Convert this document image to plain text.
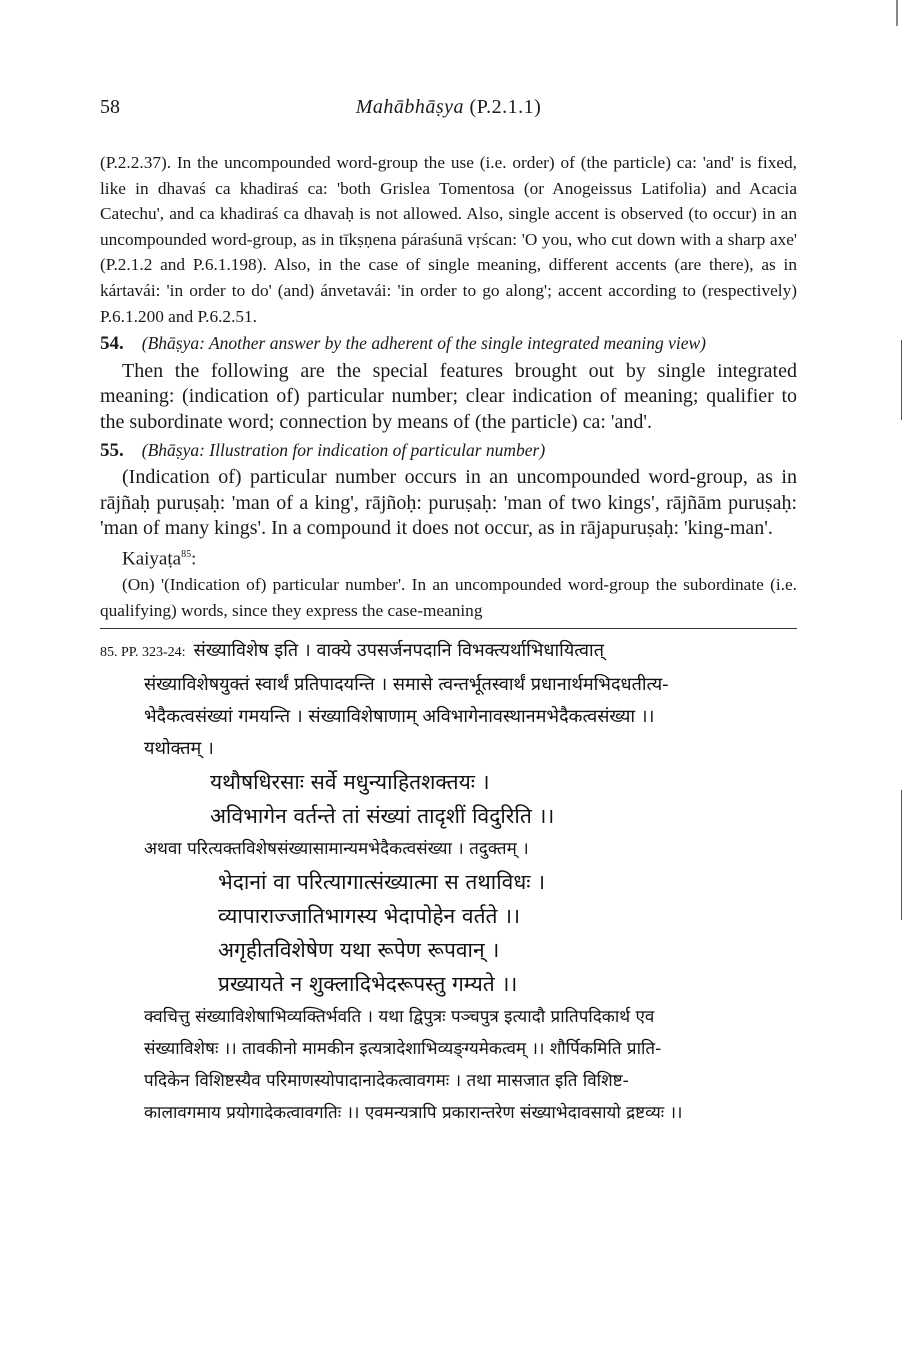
58	Mahābhāṣya (P.2.1.1)

(P.2.2.37). In the uncompounded word-group the use (i.e. order) of (the particle) ca: 'and' is fixed, like in dhavaś ca khadiraś ca: 'both Grislea Tomentosa (or Anogeissus Latifolia) and Acacia Catechu', and ca khadiraś ca dhavaḥ is not allowed. Also, single accent is observed (to occur) in an uncompounded word-group, as in tīkṣṇena páraśunā vṛścan: 'O you, who cut down with a sharp axe' (P.2.1.2 and P.6.1.198). Also, in the case of single meaning, different accents (are there), as in kártavái: 'in order to do' (and) ánvetavái: 'in order to go along'; accent according to (respectively) P.6.1.200 and P.6.2.51.

54. (Bhāṣya: Another answer by the adherent of the single integrated meaning view)

Then the following are the special features brought out by single integrated meaning: (indication of) particular number; clear indication of meaning; qualifier to the subordinate word; connection by means of (the particle) ca: 'and'.

55. (Bhāṣya: Illustration for indication of particular number)

(Indication of) particular number occurs in an uncompounded word-group, as in rājñaḥ puruṣaḥ: 'man of a king', rājñoḥ: puruṣaḥ: 'man of two kings', rājñām puruṣaḥ: 'man of many kings'. In a compound it does not occur, as in rājapuruṣaḥ: 'king-man'.

Kaiyaṭa$^{85}$:

(On) '(Indication of) particular number'. In an uncompounded word-group the subordinate (i.e. qualifying) words, since they express the case-meaning

85. PP. 323-24: संख्याविशेष इति । वाक्ये उपसर्जनपदानि विभक्त्यर्थाभिधायित्वात्
संख्याविशेषयुक्तं स्वार्थं प्रतिपादयन्ति । समासे त्वन्तर्भूतस्वार्थं प्रधानार्थमभिदधतीत्य-
भेदैकत्वसंख्यां गमयन्ति । संख्याविशेषाणाम् अविभागेनावस्थानमभेदैकत्वसंख्या ।।
यथोक्तम् ।
यथौषधिरसाः सर्वे मधुन्याहितशक्तयः ।
अविभागेन वर्तन्ते तां संख्यां तादृशीं विदुरिति ।।
अथवा परित्यक्तविशेषसंख्यासामान्यमभेदैकत्वसंख्या । तदुक्तम् ।
भेदानां वा परित्यागात्संख्यात्मा स तथाविधः ।
व्यापाराज्जातिभागस्य भेदापोहेन वर्तते ।।
अगृहीतविशेषेण यथा रूपेण रूपवान् ।
प्रख्यायते न शुक्लादिभेदरूपस्तु गम्यते ।।
क्वचित्तु संख्याविशेषाभिव्यक्तिर्भवति । यथा द्विपुत्रः पञ्चपुत्र इत्यादौ प्रातिपदिकार्थ एव
संख्याविशेषः ।। तावकीनो मामकीन इत्यत्रादेशाभिव्यङ्ग्यमेकत्वम् ।। शौर्पिकमिति प्राति-
पदिकेन विशिष्टस्यैव परिमाणस्योपादानादेकत्वावगमः । तथा मासजात इति विशिष्ट-
कालावगमाय प्रयोगादेकत्वावगतिः ।। एवमन्यत्रापि प्रकारान्तरेण संख्याभेदावसायो द्रष्टव्यः ।।
